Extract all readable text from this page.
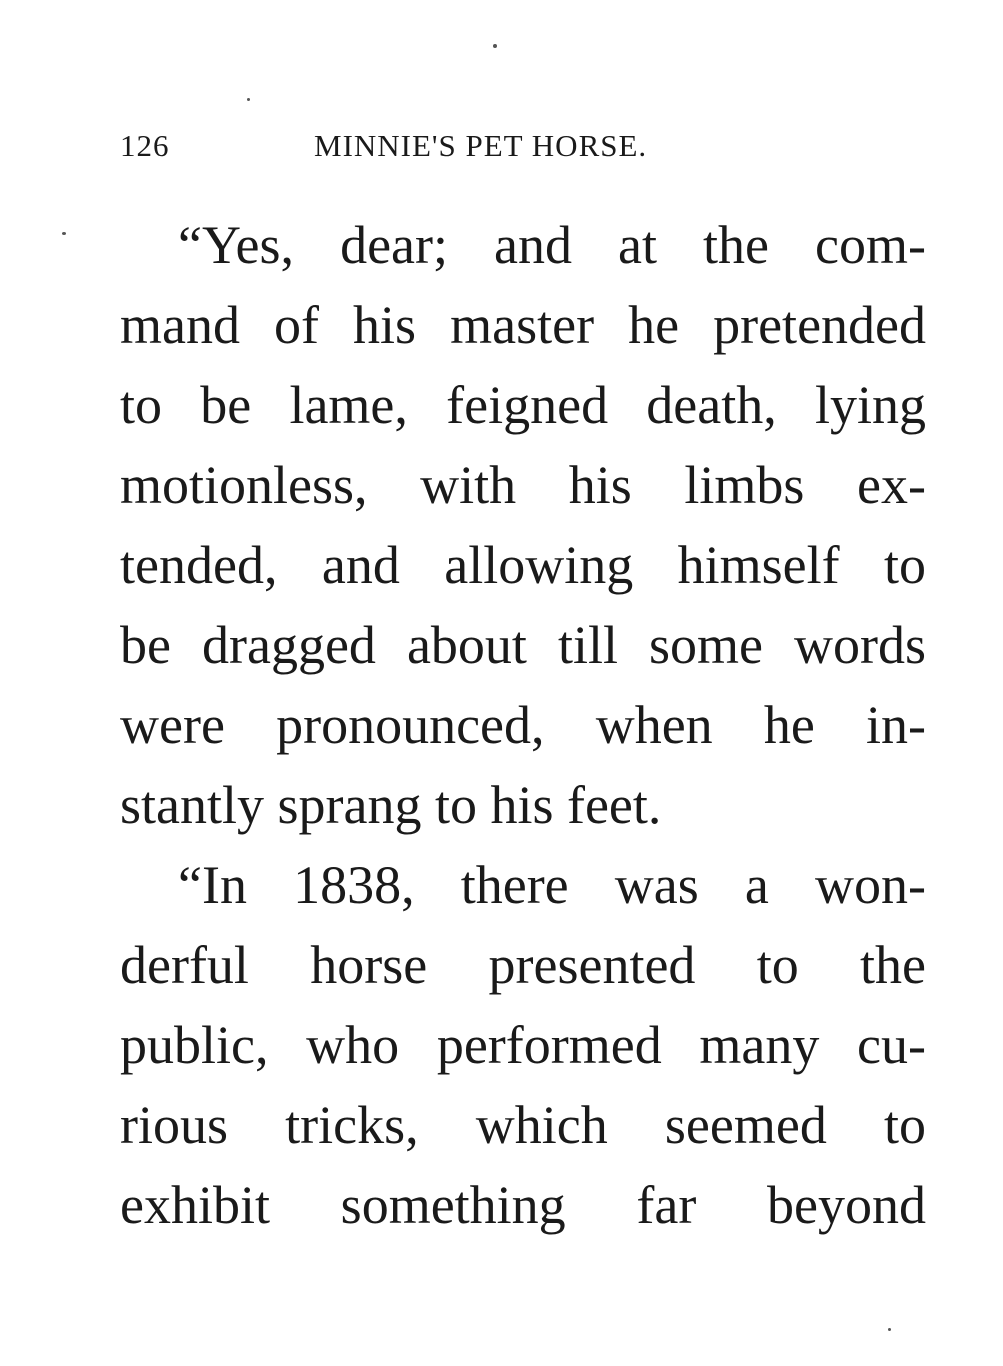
126	MINNIE'S PET HORSE.
“Yes, dear; and at the com-
mand of his master he pretended
to be lame, feigned death, lying
motionless, with his limbs ex-
tended, and allowing himself to
be dragged about till some words
were pronounced, when he in-
stantly sprang to his feet.
“In 1838, there was a won-
derful horse presented to the
public, who performed many cu-
rious tricks, which seemed to
exhibit something far beyond
